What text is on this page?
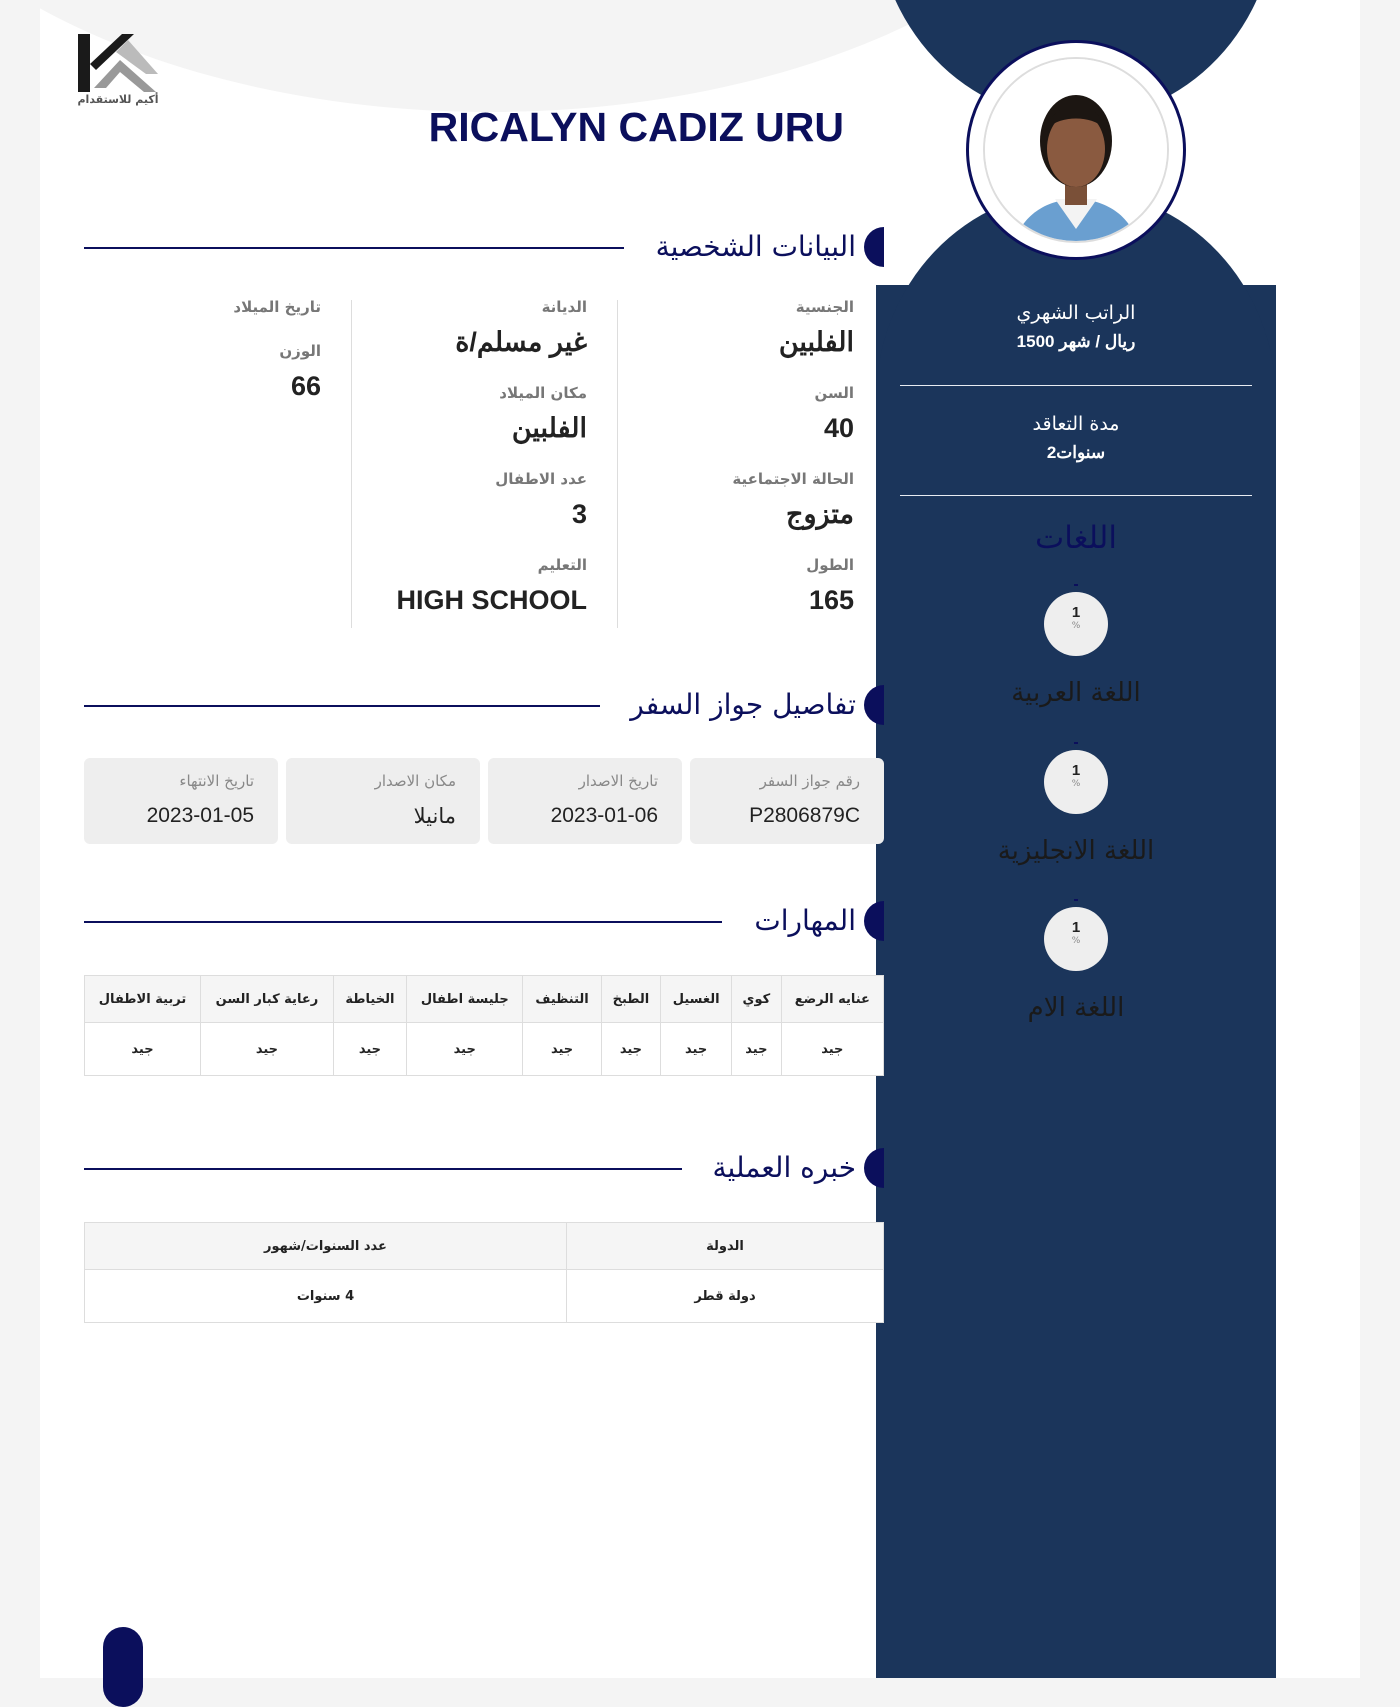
أكيم للاستقدام
الراتب الشهري
1500 ريال / شهر
مدة التعاقد
2سنوات
اللغات
1
%
اللغة العربية
1
%
اللغة الانجليزية
1
%
اللغة الام
RICALYN CADIZ URU
البيانات الشخصية
الجنسية
الفلبين
السن
40
الحالة الاجتماعية
متزوج
الطول
165
الديانة
غير مسلم/ة
مكان الميلاد
الفلبين
عدد الاطفال
3
التعليم
HIGH SCHOOL
تاريخ الميلاد
الوزن
66
تفاصيل جواز السفر
رقم جواز السفر
P2806879C
تاريخ الاصدار
2023-01-06
مكان الاصدار
مانيلا
تاريخ الانتهاء
2023-01-05
المهارات
عنايه الرضع	كوي	الغسيل	الطبخ	التنظيف	جليسة اطفال	الخياطة	رعاية كبار السن	تربية الاطفال
جيد	جيد	جيد	جيد	جيد	جيد	جيد	جيد	جيد
خبره العملية
الدولة	عدد السنوات/شهور
دولة قطر	4 سنوات
